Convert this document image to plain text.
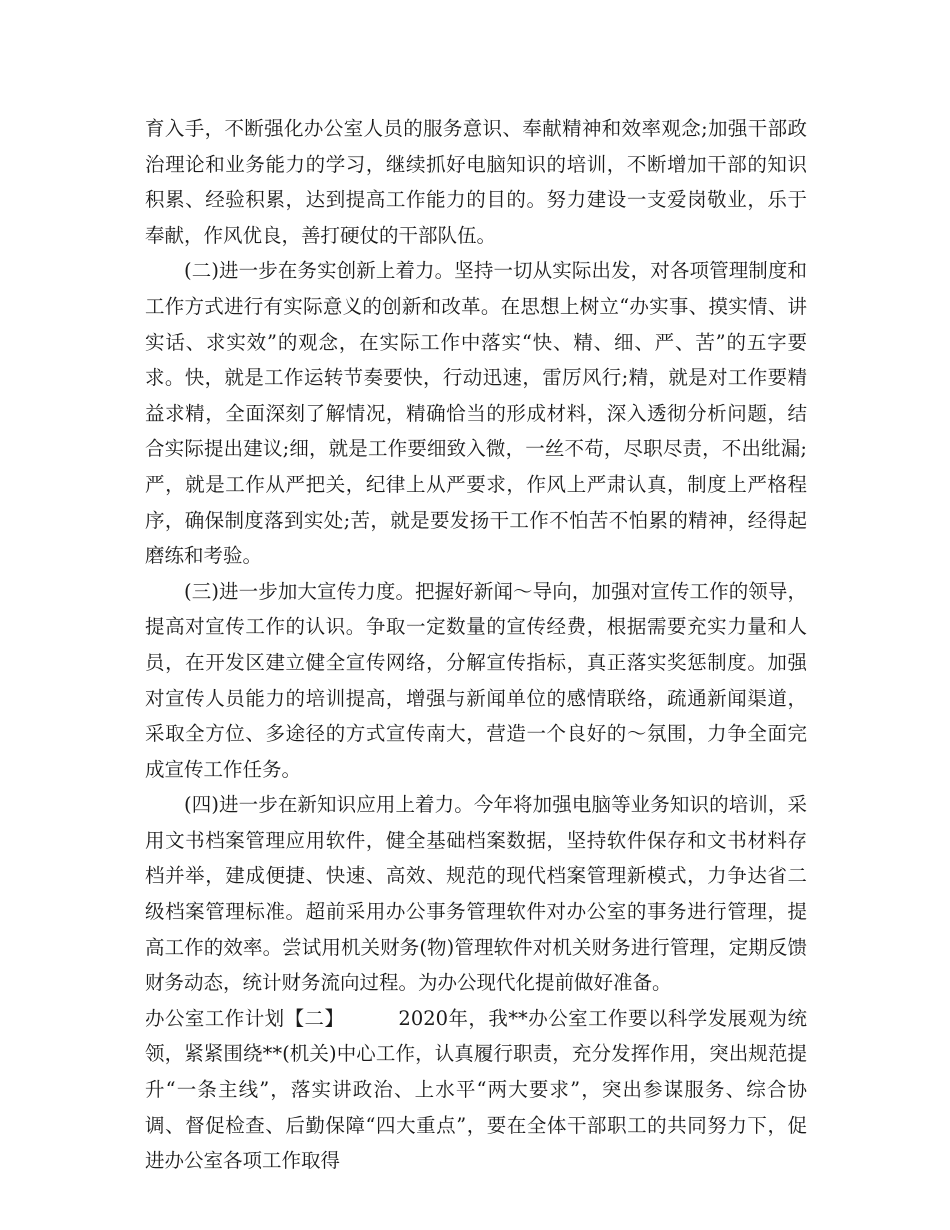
育入手，不断强化办公室人员的服务意识、奉献精神和效率观念;加强干部政治理论和业务能力的学习，继续抓好电脑知识的培训，不断增加干部的知识积累、经验积累，达到提高工作能力的目的。努力建设一支爱岗敬业，乐于奉献，作风优良，善打硬仗的干部队伍。

(二)进一步在务实创新上着力。坚持一切从实际出发，对各项管理制度和工作方式进行有实际意义的创新和改革。在思想上树立“办实事、摸实情、讲实话、求实效”的观念，在实际工作中落实“快、精、细、严、苦”的五字要求。快，就是工作运转节奏要快，行动迅速，雷厉风行;精，就是对工作要精益求精，全面深刻了解情况，精确恰当的形成材料，深入透彻分析问题，结合实际提出建议;细，就是工作要细致入微，一丝不苟，尽职尽责，不出纰漏;严，就是工作从严把关，纪律上从严要求，作风上严肃认真，制度上严格程序，确保制度落到实处;苦，就是要发扬干工作不怕苦不怕累的精神，经得起磨练和考验。

(三)进一步加大宣传力度。把握好新闻～导向，加强对宣传工作的领导，提高对宣传工作的认识。争取一定数量的宣传经费，根据需要充实力量和人员，在开发区建立健全宣传网络，分解宣传指标，真正落实奖惩制度。加强对宣传人员能力的培训提高，增强与新闻单位的感情联络，疏通新闻渠道，采取全方位、多途径的方式宣传南大，营造一个良好的～氛围，力争全面完成宣传工作任务。

(四)进一步在新知识应用上着力。今年将加强电脑等业务知识的培训，采用文书档案管理应用软件，健全基础档案数据，坚持软件保存和文书材料存档并举，建成便捷、快速、高效、规范的现代档案管理新模式，力争达省二级档案管理标准。超前采用办公事务管理软件对办公室的事务进行管理，提高工作的效率。尝试用机关财务(物)管理软件对机关财务进行管理，定期反馈财务动态，统计财务流向过程。为办公现代化提前做好准备。

办公室工作计划【二】	2020年，我**办公室工作要以科学发展观为统领，紧紧围绕**(机关)中心工作，认真履行职责，充分发挥作用，突出规范提升“一条主线”，落实讲政治、上水平“两大要求”，突出参谋服务、综合协调、督促检查、后勤保障“四大重点”，要在全体干部职工的共同努力下，促进办公室各项工作取得
